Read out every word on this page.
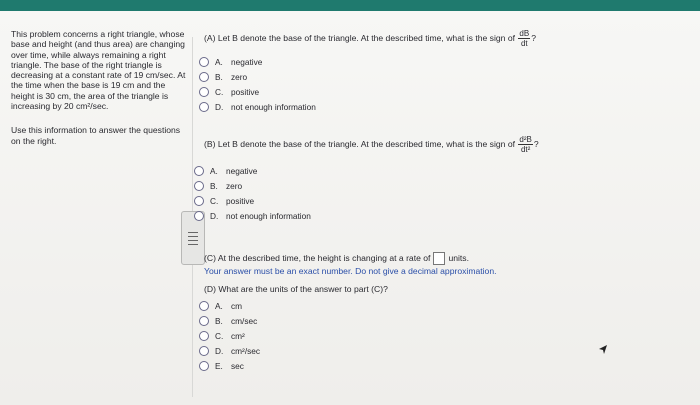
This problem concerns a right triangle, whose base and height (and thus area) are changing over time, while always remaining a right triangle. The base of the right triangle is decreasing at a constant rate of 19 cm/sec. At the time when the base is 19 cm and the height is 30 cm, the area of the triangle is increasing by 20 cm²/sec.

Use this information to answer the questions on the right.

(A) Let B denote the base of the triangle. At the described time, what is the sign of $\frac{dB}{dt}$ ?
A. negative
B. zero
C. positive
D. not enough information
(B) Let B denote the base of the triangle. At the described time, what is the sign of $\frac{\text{d²B}}{\text{dt²}}$ ?
A. negative
B. zero
C. positive
D. not enough information
(C) At the described time, the height is changing at a rate of units.
Your answer must be an exact number. Do not give a decimal approximation.
(D) What are the units of the answer to part (C)?
A. cm
B. cm/sec
C. cm²
D. cm²/sec
E. sec
